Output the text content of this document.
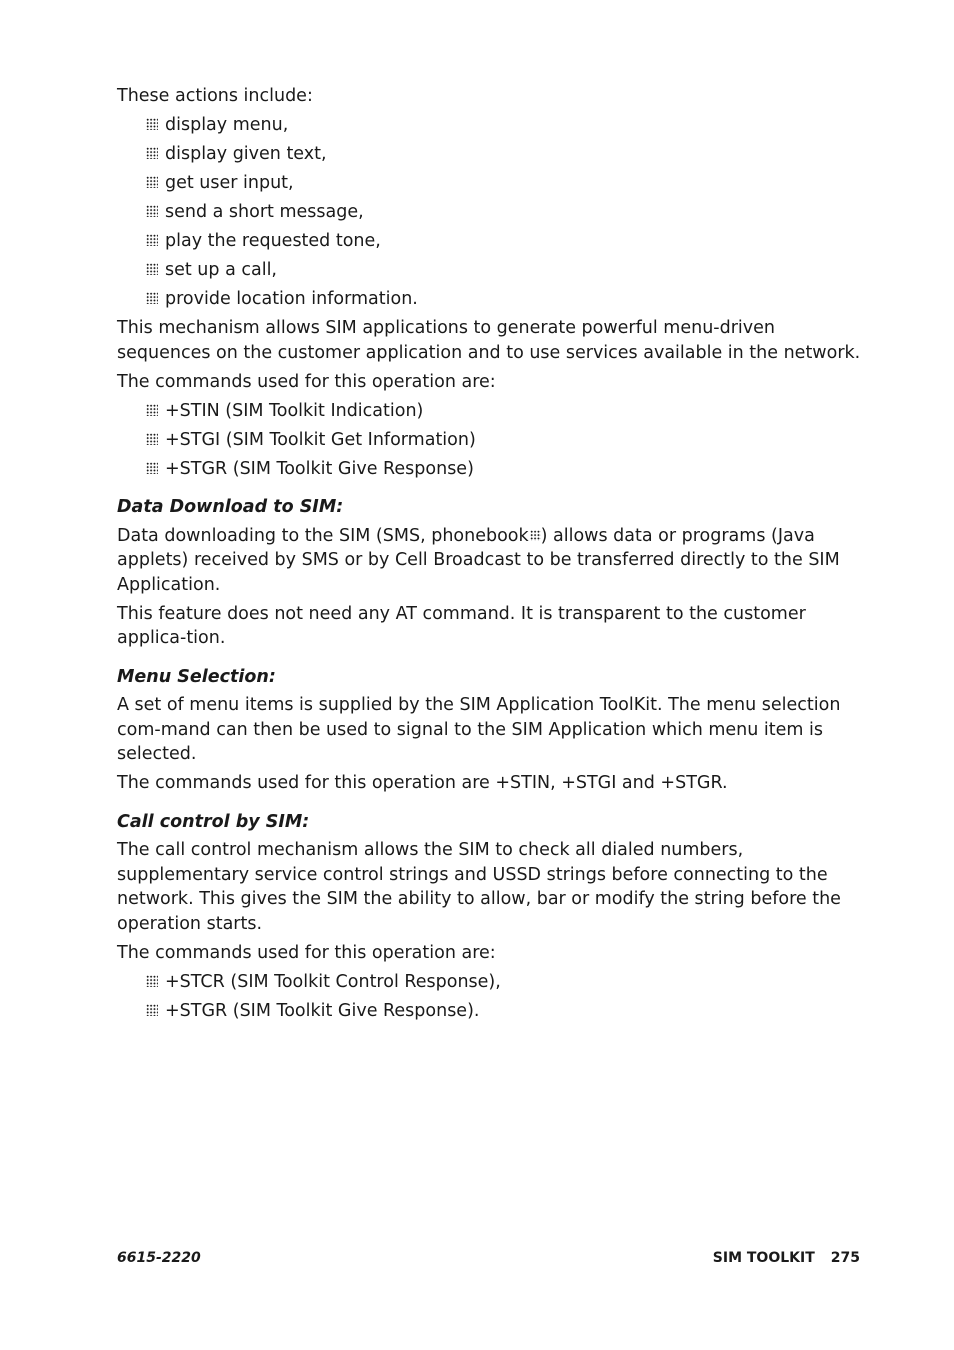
These actions include:

display menu,
display given text,
get user input,
send a short message,
play the requested tone,
set up a call,
provide location information.

This mechanism allows SIM applications to generate powerful menu-driven sequences on the customer application and to use services available in the network.

The commands used for this operation are:

+STIN (SIM Toolkit Indication)
+STGI (SIM Toolkit Get Information)
+STGR (SIM Toolkit Give Response)
Data Download to SIM:

Data downloading to the SIM (SMS, phonebook ) allows data or programs (Java applets) received by SMS or by Cell Broadcast to be transferred directly to the SIM Application.

This feature does not need any AT command. It is transparent to the customer applica-tion.

Menu Selection:

A set of menu items is supplied by the SIM Application ToolKit. The menu selection com-mand can then be used to signal to the SIM Application which menu item is selected.

The commands used for this operation are +STIN, +STGI and +STGR.

Call control by SIM:

The call control mechanism allows the SIM to check all dialed numbers, supplementary service control strings and USSD strings before connecting to the network. This gives the SIM the ability to allow, bar or modify the string before the operation starts.

The commands used for this operation are:

+STCR (SIM Toolkit Control Response),
+STGR (SIM Toolkit Give Response).
6615-2220	SIM TOOLKIT 275
